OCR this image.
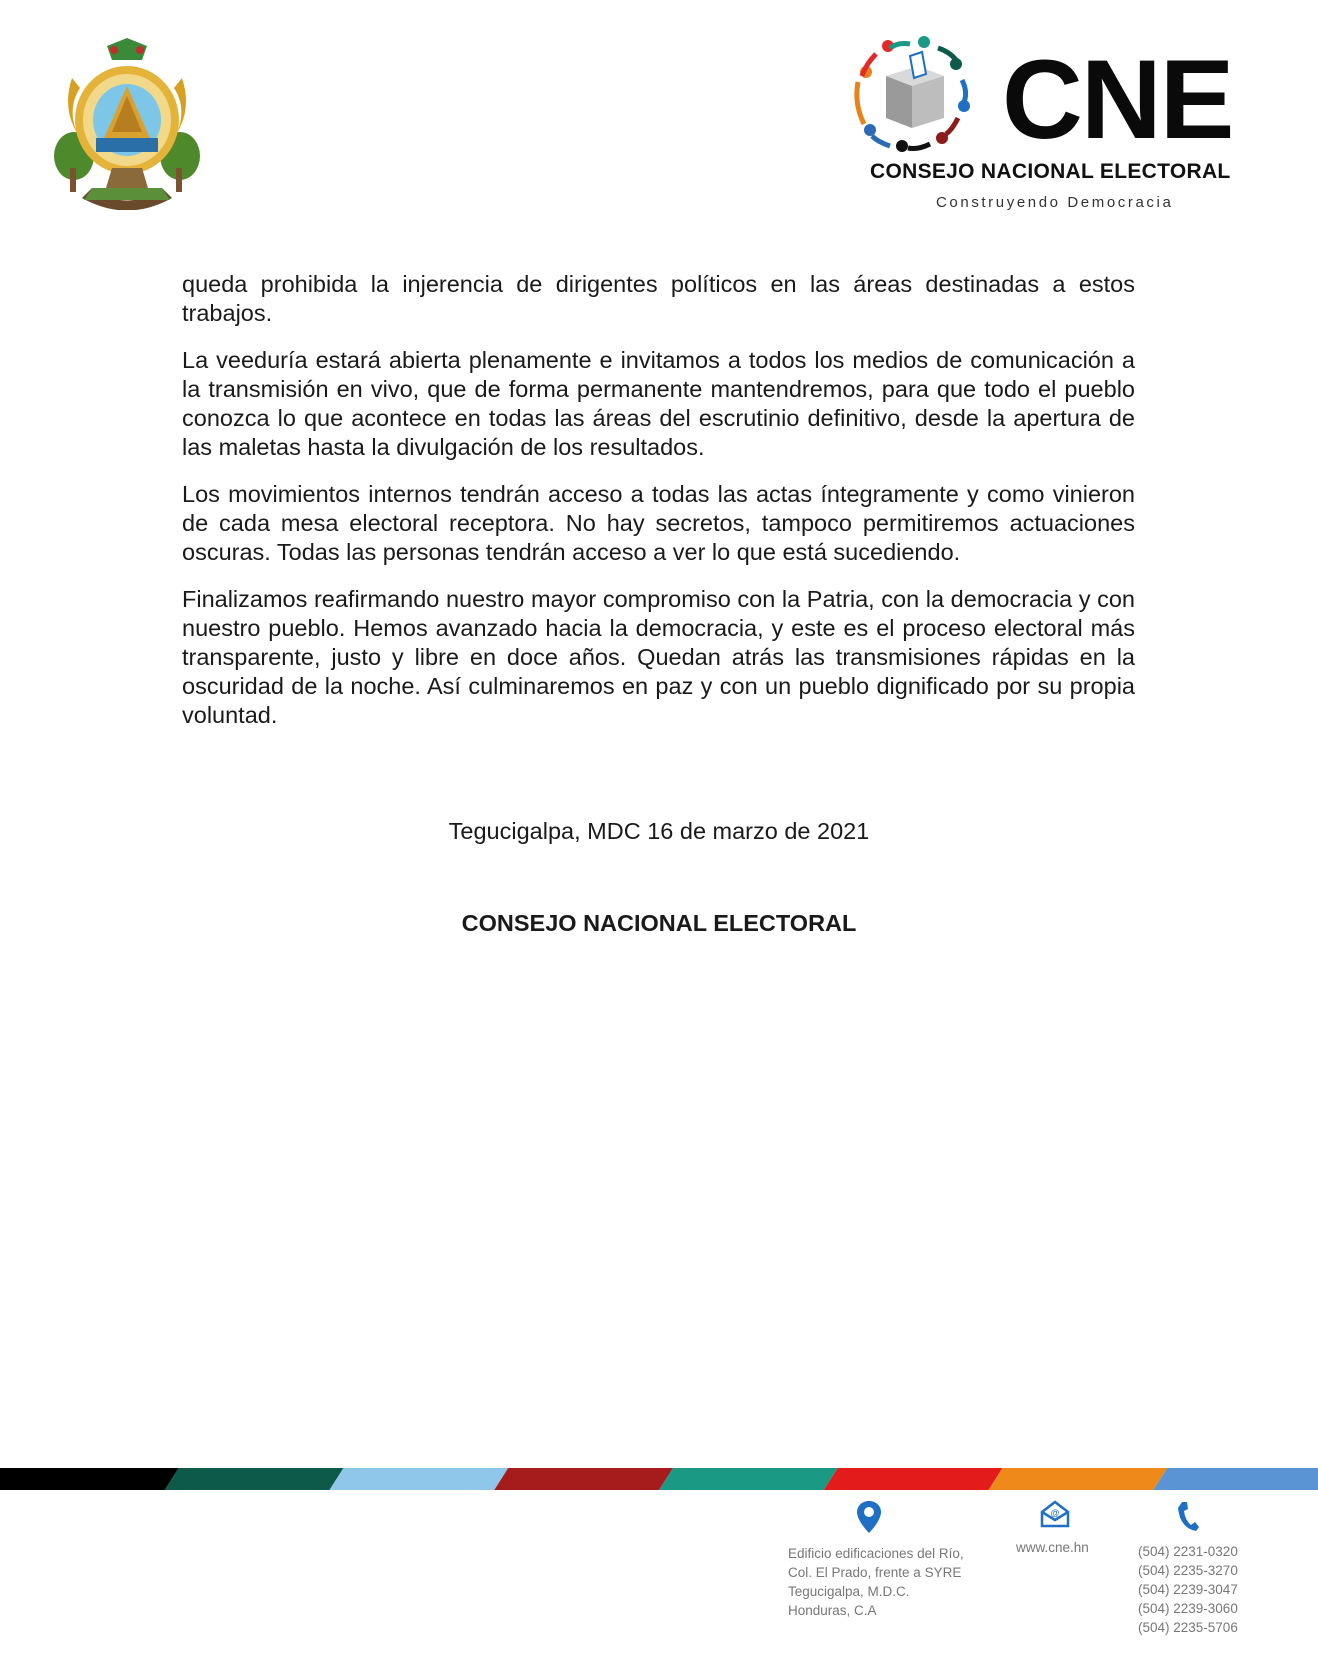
CNE
CONSEJO NACIONAL ELECTORAL
Construyendo Democracia

queda prohibida la injerencia de dirigentes políticos en las áreas destinadas a estos trabajos.

La veeduría estará abierta plenamente e invitamos a todos los medios de comunicación a la transmisión en vivo, que de forma permanente mantendremos, para que todo el pueblo conozca lo que acontece en todas las áreas del escrutinio definitivo, desde la apertura de las maletas hasta la divulgación de los resultados.

Los movimientos internos tendrán acceso a todas las actas íntegramente y como vinieron de cada mesa electoral receptora. No hay secretos, tampoco permitiremos actuaciones oscuras. Todas las personas tendrán acceso a ver lo que está sucediendo.

Finalizamos reafirmando nuestro mayor compromiso con la Patria, con la democracia y con nuestro pueblo. Hemos avanzado hacia la democracia, y este es el proceso electoral más transparente, justo y libre en doce años. Quedan atrás las transmisiones rápidas en la oscuridad de la noche. Así culminaremos en paz y con un pueblo dignificado por su propia voluntad.

Tegucigalpa, MDC 16 de marzo de 2021
CONSEJO NACIONAL ELECTORAL
Edificio edificaciones del Río,
Col. El Prado, frente a SYRE
Tegucigalpa, M.D.C.
Honduras, C.A
@
www.cne.hn	(504) 2231-0320
(504) 2235-3270
(504) 2239-3047
(504) 2239-3060
(504) 2235-5706
